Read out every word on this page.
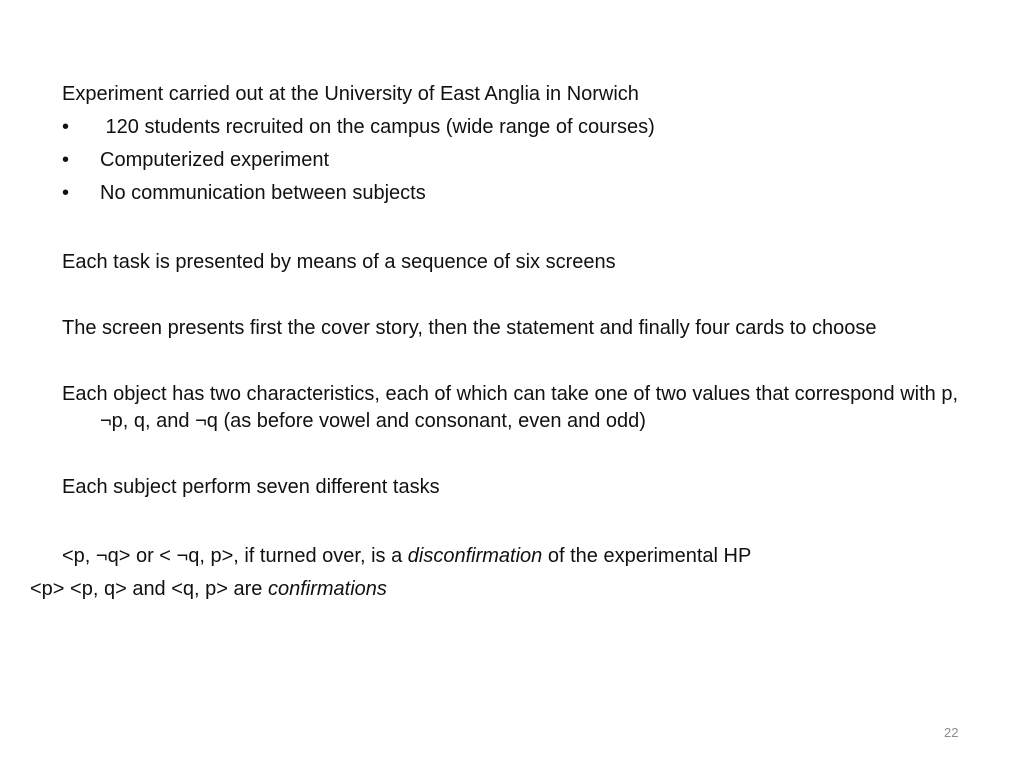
Experiment carried out at the University of East Anglia in Norwich

•	120 students recruited on the campus (wide range of courses)
•	Computerized experiment
•	No communication between subjects

Each task is presented by means of a sequence of six screens

The screen presents first the cover story, then the statement and finally four cards to choose

Each object has two characteristics, each of which can take one of two values that correspond with p, ¬p, q, and ¬q (as before vowel and consonant, even and odd)

Each subject perform seven different tasks

<p, ¬q> or < ¬q, p>, if turned over, is a disconfirmation of the experimental HP

<p> <p, q> and <q, p> are confirmations

22
